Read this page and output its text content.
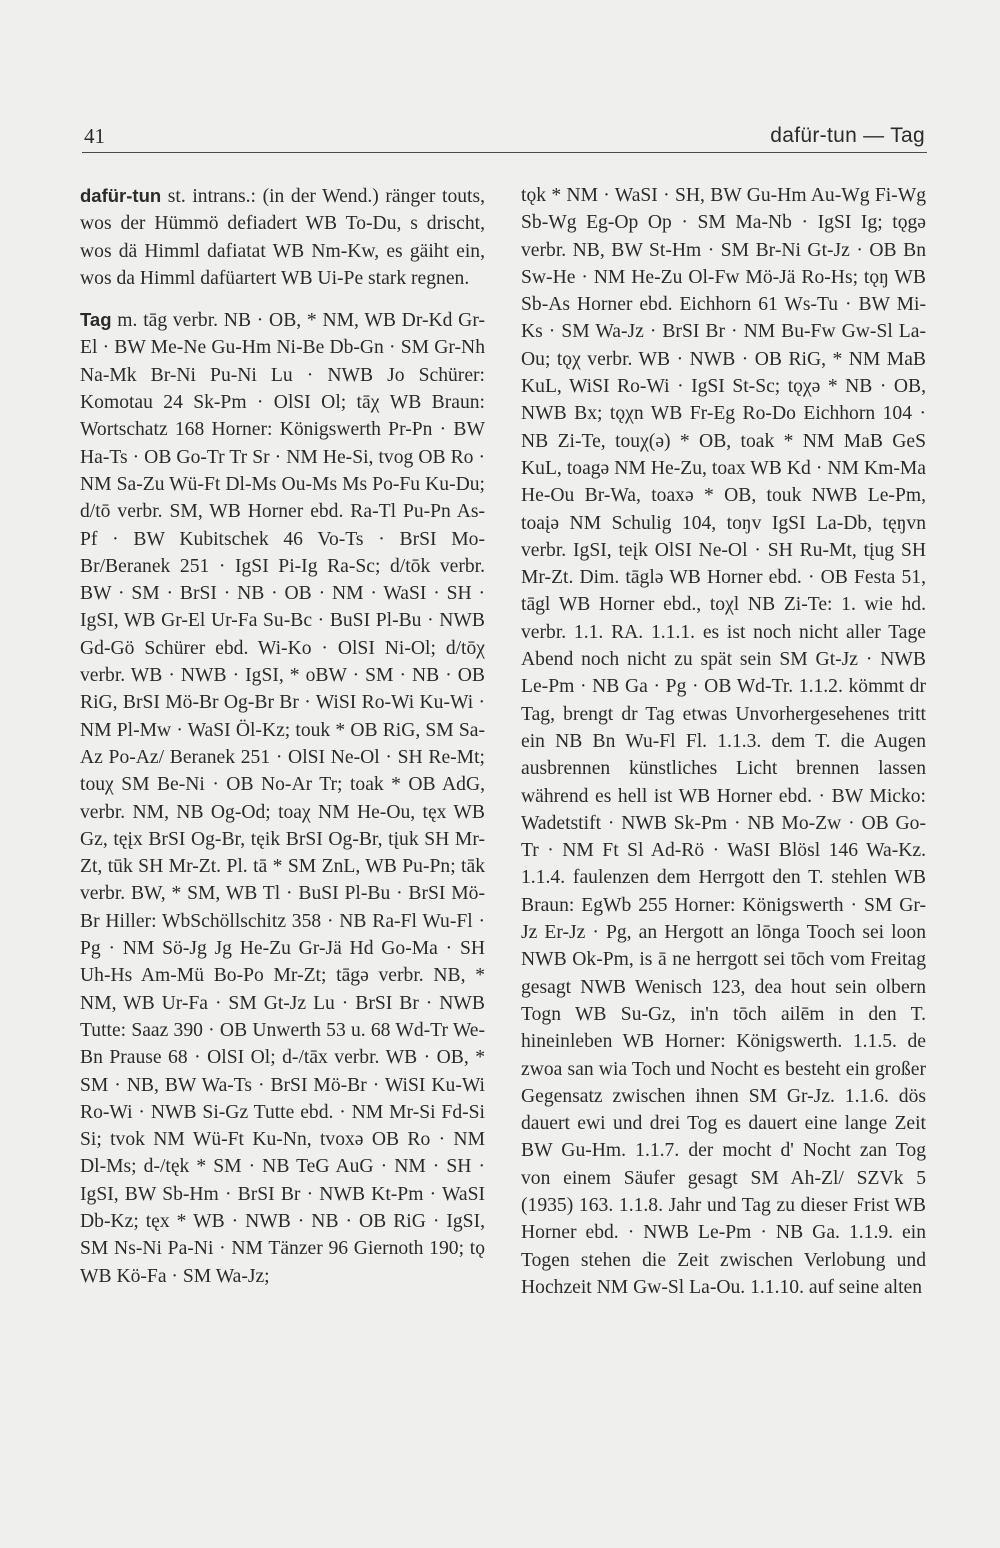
41	dafür-tun — Tag

dafür-tun st. intrans.: (in der Wend.) ränger touts, wos der Hümmö defiadert WB To-Du, s drischt, wos dä Himml dafiatat WB Nm-Kw, es gäiht ein, wos da Himml dafüartert WB Ui-Pe stark regnen.

Tag m. tāg verbr. NB · OB, * NM, WB Dr-Kd Gr-El · BW Me-Ne Gu-Hm Ni-Be Db-Gn · SM Gr-Nh Na-Mk Br-Ni Pu-Ni Lu · NWB Jo Schürer: Komotau 24 Sk-Pm · OlSI Ol; tāχ WB Braun: Wortschatz 168 Horner: Königswerth Pr-Pn · BW Ha-Ts · OB Go-Tr Tr Sr · NM He-Si, tvog OB Ro · NM Sa-Zu Wü-Ft Dl-Ms Ou-Ms Ms Po-Fu Ku-Du; d/tō verbr. SM, WB Horner ebd. Ra-Tl Pu-Pn As-Pf · BW Kubitschek 46 Vo-Ts · BrSI Mo-Br/Beranek 251 · IgSI Pi-Ig Ra-Sc; d/tōk verbr. BW · SM · BrSI · NB · OB · NM · WaSI · SH · IgSI, WB Gr-El Ur-Fa Su-Bc · BuSI Pl-Bu · NWB Gd-Gö Schürer ebd. Wi-Ko · OlSI Ni-Ol; d/tōχ verbr. WB · NWB · IgSI, * oBW · SM · NB · OB RiG, BrSI Mö-Br Og-Br Br · WiSI Ro-Wi Ku-Wi · NM Pl-Mw · WaSI Öl-Kz; touk * OB RiG, SM Sa-Az Po-Az/ Beranek 251 · OlSI Ne-Ol · SH Re-Mt; touχ SM Be-Ni · OB No-Ar Tr; toak * OB AdG, verbr. NM, NB Og-Od; toaχ NM He-Ou, tęx WB Gz, tęįx BrSI Og-Br, tęik BrSI Og-Br, tįuk SH Mr-Zt, tūk SH Mr-Zt. Pl. tā * SM ZnL, WB Pu-Pn; tāk verbr. BW, * SM, WB Tl · BuSI Pl-Bu · BrSI Mö-Br Hiller: WbSchöllschitz 358 · NB Ra-Fl Wu-Fl · Pg · NM Sö-Jg Jg He-Zu Gr-Jä Hd Go-Ma · SH Uh-Hs Am-Mü Bo-Po Mr-Zt; tāgə verbr. NB, * NM, WB Ur-Fa · SM Gt-Jz Lu · BrSI Br · NWB Tutte: Saaz 390 · OB Unwerth 53 u. 68 Wd-Tr We-Bn Prause 68 · OlSI Ol; d-/tāx verbr. WB · OB, * SM · NB, BW Wa-Ts · BrSI Mö-Br · WiSI Ku-Wi Ro-Wi · NWB Si-Gz Tutte ebd. · NM Mr-Si Fd-Si Si; tvok NM Wü-Ft Ku-Nn, tvoxə OB Ro · NM Dl-Ms; d-/tęk * SM · NB TeG AuG · NM · SH · IgSI, BW Sb-Hm · BrSI Br · NWB Kt-Pm · WaSI Db-Kz; tęx * WB · NWB · NB · OB RiG · IgSI, SM Ns-Ni Pa-Ni · NM Tänzer 96 Giernoth 190; tǫ WB Kö-Fa · SM Wa-Jz;

tǫk * NM · WaSI · SH, BW Gu-Hm Au-Wg Fi-Wg Sb-Wg Eg-Op Op · SM Ma-Nb · IgSI Ig; tǫgə verbr. NB, BW St-Hm · SM Br-Ni Gt-Jz · OB Bn Sw-He · NM He-Zu Ol-Fw Mö-Jä Ro-Hs; tǫŋ WB Sb-As Horner ebd. Eichhorn 61 Ws-Tu · BW Mi-Ks · SM Wa-Jz · BrSI Br · NM Bu-Fw Gw-Sl La-Ou; tǫχ verbr. WB · NWB · OB RiG, * NM MaB KuL, WiSI Ro-Wi · IgSI St-Sc; tǫχə * NB · OB, NWB Bx; tǫχn WB Fr-Eg Ro-Do Eichhorn 104 · NB Zi-Te, touχ(ə) * OB, toak * NM MaB GeS KuL, toagə NM He-Zu, toax WB Kd · NM Km-Ma He-Ou Br-Wa, toaxə * OB, touk NWB Le-Pm, toaįə NM Schulig 104, toŋv IgSI La-Db, tęŋvn verbr. IgSI, teįk OlSI Ne-Ol · SH Ru-Mt, tįug SH Mr-Zt. Dim. tāglə WB Horner ebd. · OB Festa 51, tāgl WB Horner ebd., toχl NB Zi-Te: 1. wie hd. verbr. 1.1. RA. 1.1.1. es ist noch nicht aller Tage Abend noch nicht zu spät sein SM Gt-Jz · NWB Le-Pm · NB Ga · Pg · OB Wd-Tr. 1.1.2. kömmt dr Tag, brengt dr Tag etwas Unvorhergesehenes tritt ein NB Bn Wu-Fl Fl. 1.1.3. dem T. die Augen ausbrennen künstliches Licht brennen lassen während es hell ist WB Horner ebd. · BW Micko: Wadetstift · NWB Sk-Pm · NB Mo-Zw · OB Go-Tr · NM Ft Sl Ad-Rö · WaSI Blösl 146 Wa-Kz. 1.1.4. faulenzen dem Herrgott den T. stehlen WB Braun: EgWb 255 Horner: Königswerth · SM Gr-Jz Er-Jz · Pg, an Hergott an lōnga Tooch sei loon NWB Ok-Pm, is ā ne herrgott sei tōch vom Freitag gesagt NWB Wenisch 123, dea hout sein olbern Togn WB Su-Gz, in'n tōch ailēm in den T. hineinleben WB Horner: Königswerth. 1.1.5. de zwoa san wia Toch und Nocht es besteht ein großer Gegensatz zwischen ihnen SM Gr-Jz. 1.1.6. dös dauert ewi und drei Tog es dauert eine lange Zeit BW Gu-Hm. 1.1.7. der mocht d' Nocht zan Tog von einem Säufer gesagt SM Ah-Zl/ SZVk 5 (1935) 163. 1.1.8. Jahr und Tag zu dieser Frist WB Horner ebd. · NWB Le-Pm · NB Ga. 1.1.9. ein Togen stehen die Zeit zwischen Verlobung und Hochzeit NM Gw-Sl La-Ou. 1.1.10. auf seine alten
